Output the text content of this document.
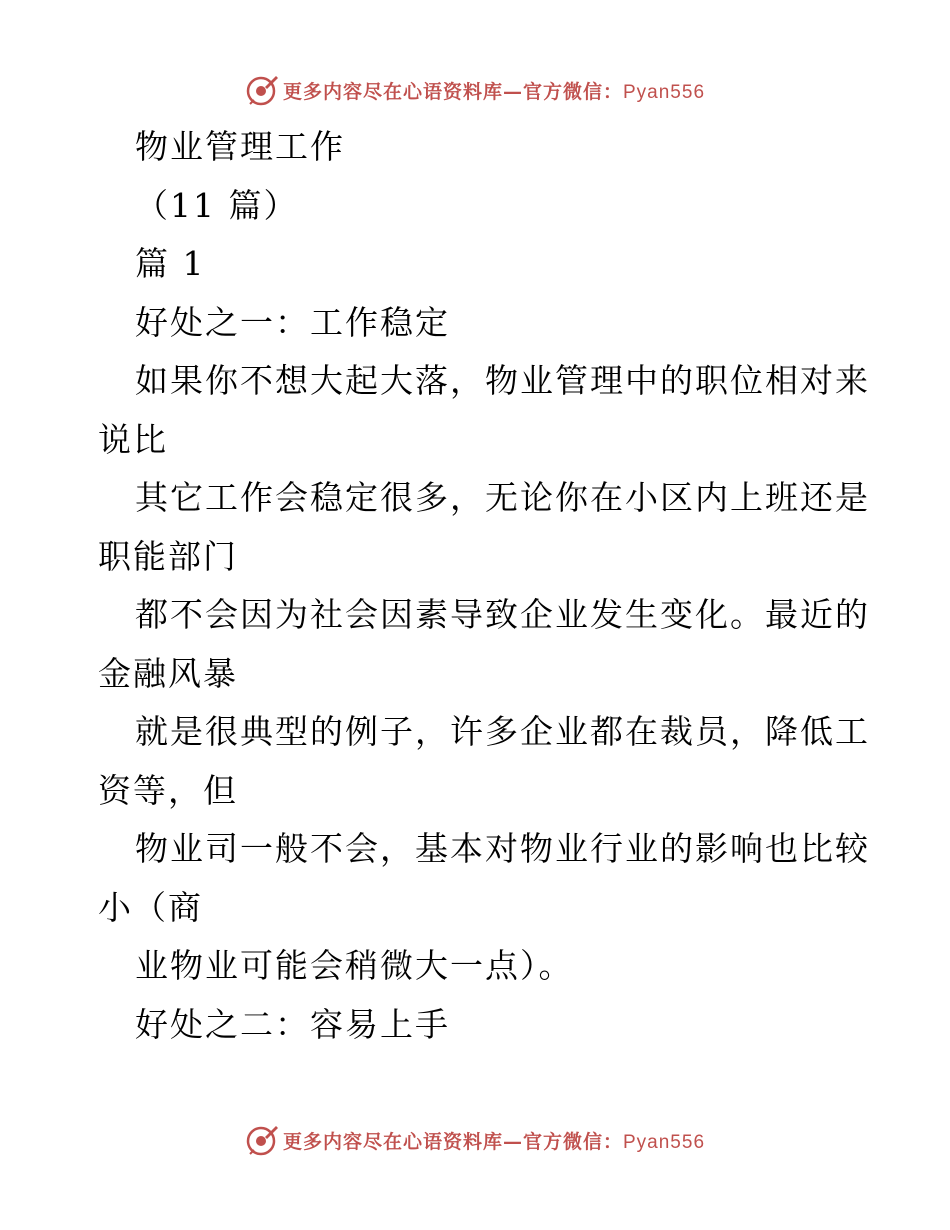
更多内容尽在心语资料库—官方微信：Pyan556
物业管理工作
（11 篇）
篇 1
好处之一：工作稳定
如果你不想大起大落，物业管理中的职位相对来
说比
其它工作会稳定很多，无论你在小区内上班还是
职能部门
都不会因为社会因素导致企业发生变化。最近的
金融风暴
就是很典型的例子，许多企业都在裁员，降低工
资等，但
物业司一般不会，基本对物业行业的影响也比较
小（商
业物业可能会稍微大一点）。
好处之二：容易上手
更多内容尽在心语资料库—官方微信：Pyan556
